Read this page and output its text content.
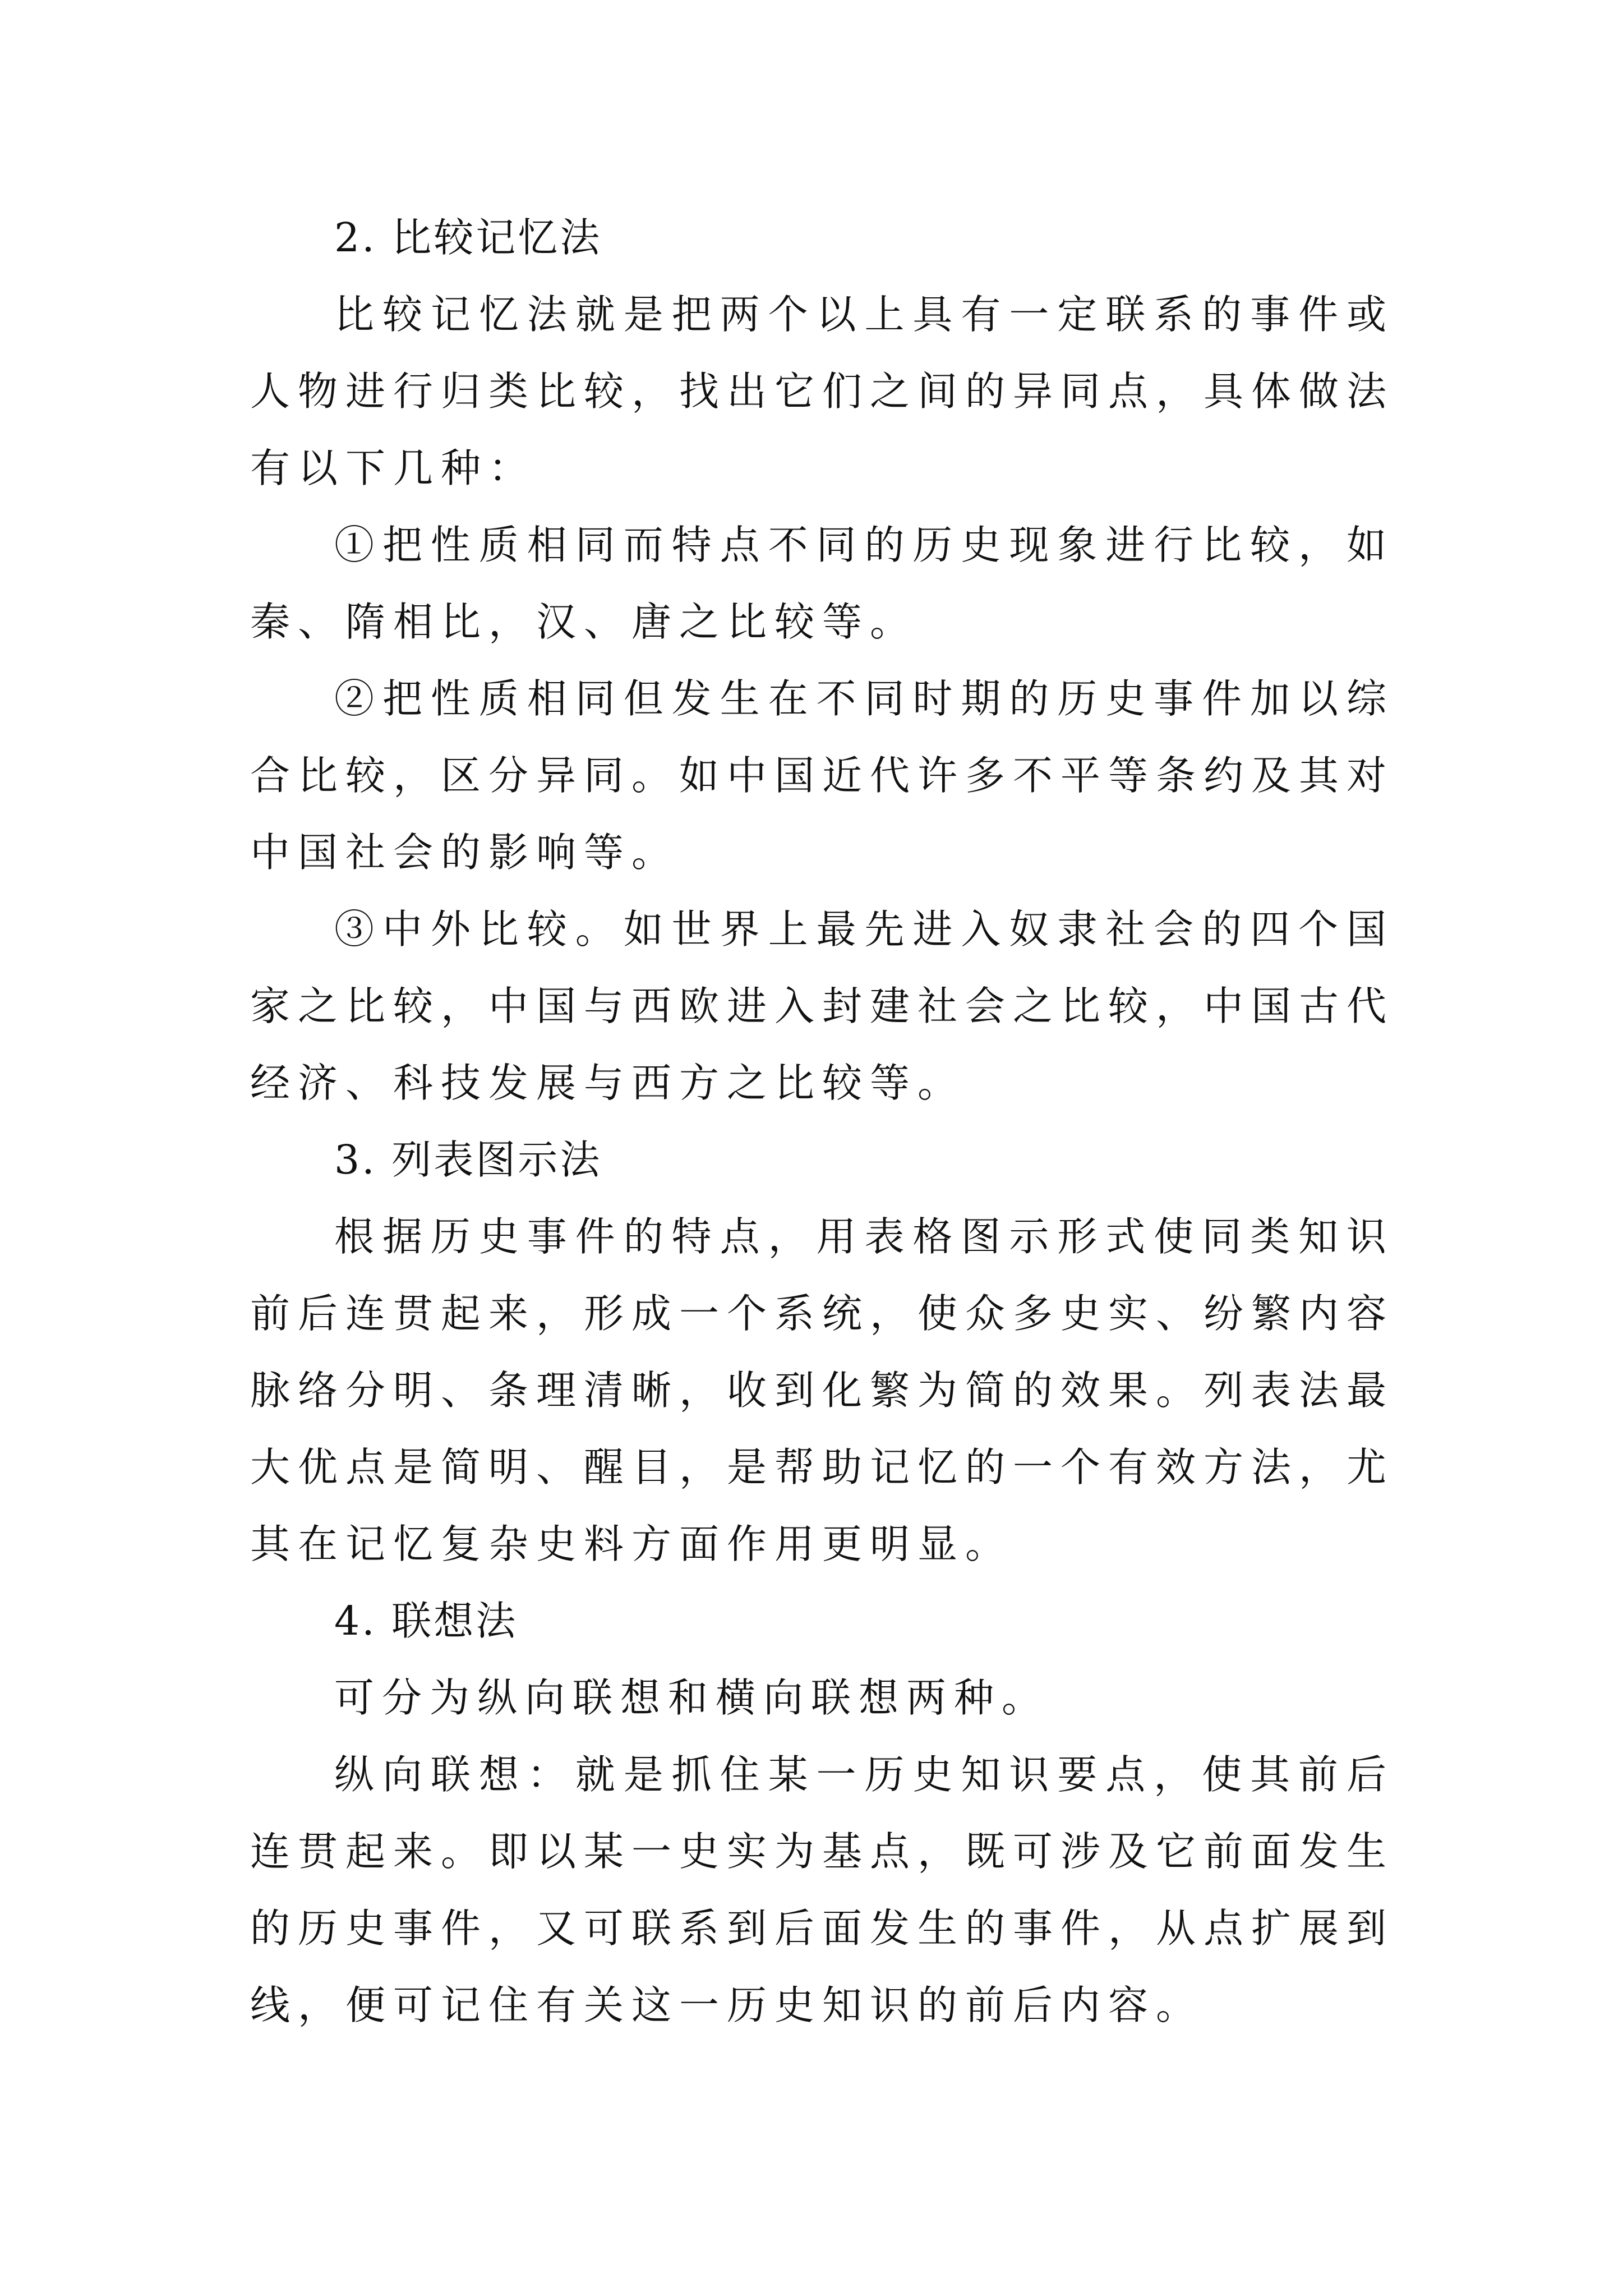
2. 比较记忆法

比较记忆法就是把两个以上具有一定联系的事件或人物进行归类比较，找出它们之间的异同点，具体做法有以下几种：

①把性质相同而特点不同的历史现象进行比较，如秦、隋相比，汉、唐之比较等。

②把性质相同但发生在不同时期的历史事件加以综合比较，区分异同。如中国近代许多不平等条约及其对中国社会的影响等。

③中外比较。如世界上最先进入奴隶社会的四个国家之比较，中国与西欧进入封建社会之比较，中国古代经济、科技发展与西方之比较等。

3. 列表图示法

根据历史事件的特点，用表格图示形式使同类知识前后连贯起来，形成一个系统，使众多史实、纷繁内容脉络分明、条理清晰，收到化繁为简的效果。列表法最大优点是简明、醒目，是帮助记忆的一个有效方法，尤其在记忆复杂史料方面作用更明显。

4. 联想法

可分为纵向联想和横向联想两种。

纵向联想：就是抓住某一历史知识要点，使其前后连贯起来。即以某一史实为基点，既可涉及它前面发生的历史事件，又可联系到后面发生的事件，从点扩展到线，便可记住有关这一历史知识的前后内容。
